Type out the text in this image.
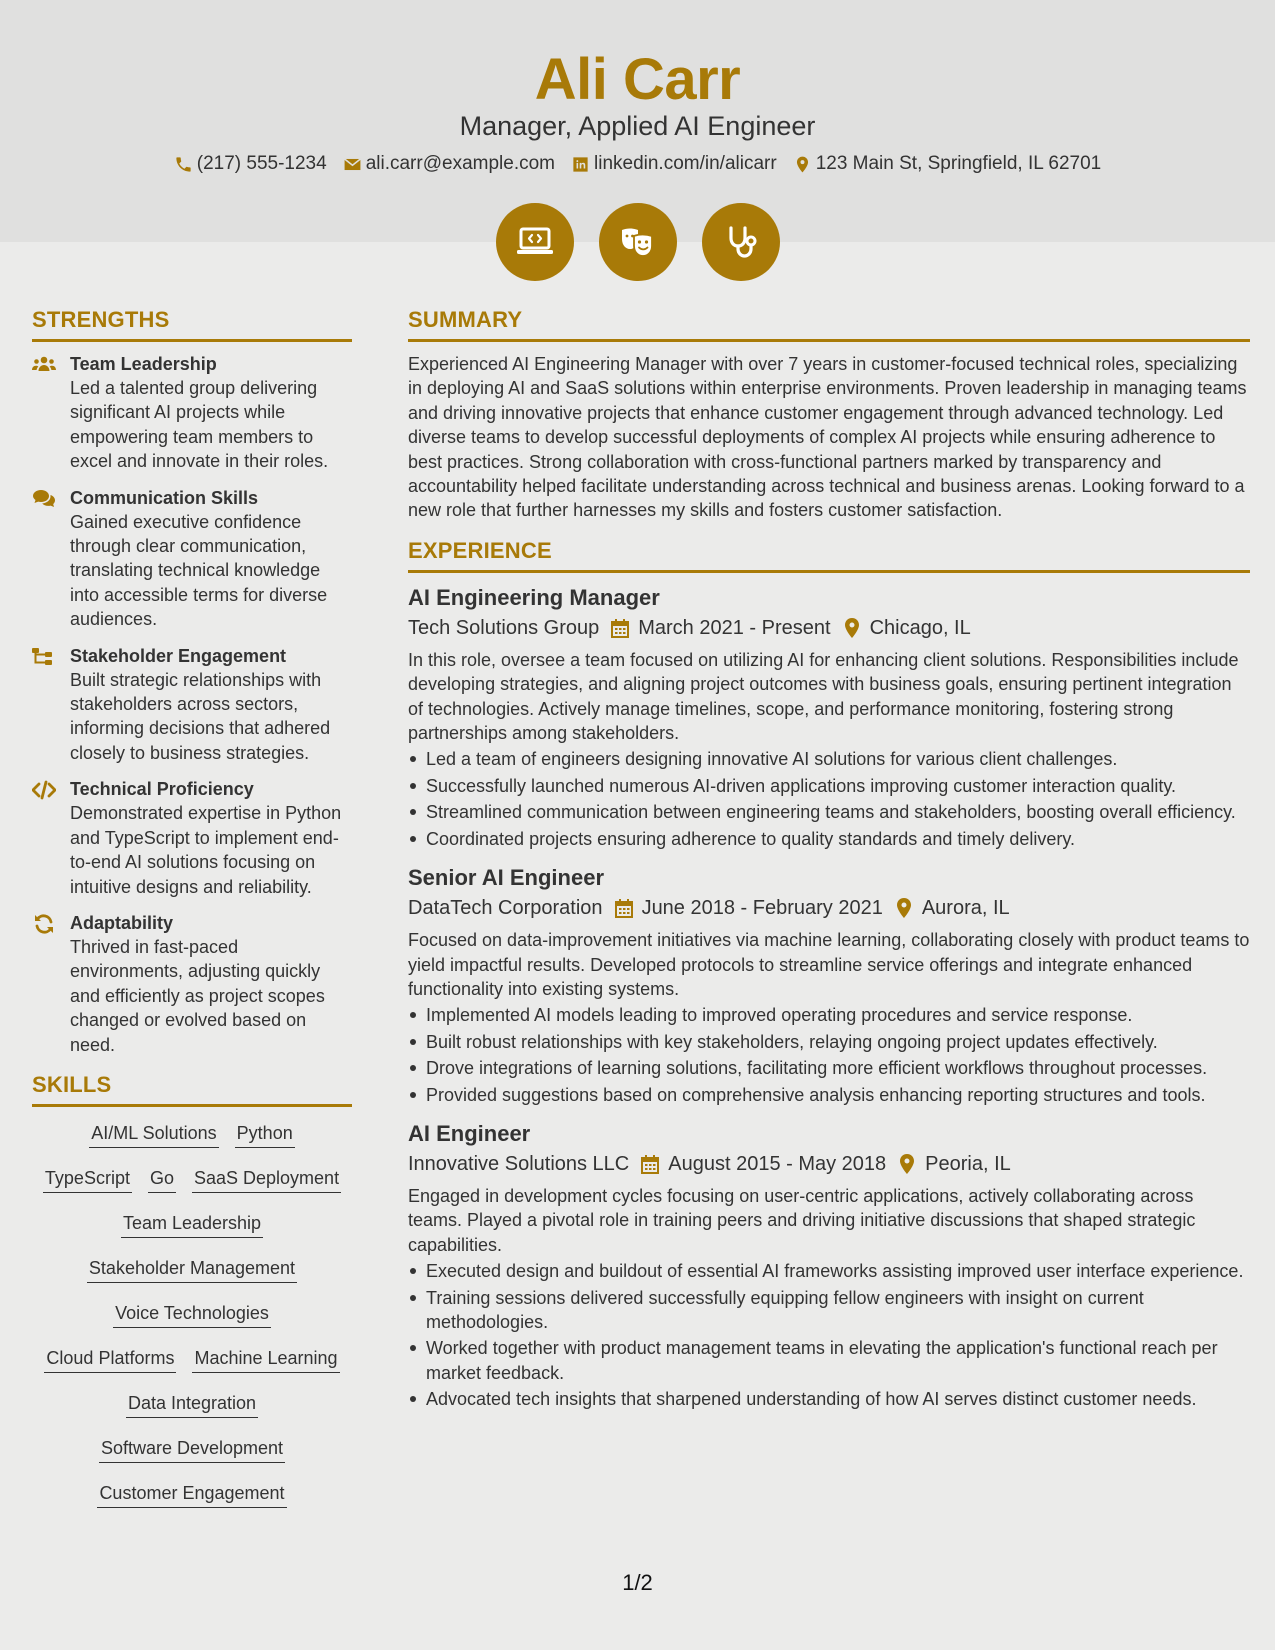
Ali Carr
Manager, Applied AI Engineer
(217) 555-1234 ali.carr@example.com linkedin.com/in/alicarr 123 Main St, Springfield, IL 62701
STRENGTHS
Team Leadership
Led a talented group delivering significant AI projects while empowering team members to excel and innovate in their roles.
Communication Skills
Gained executive confidence through clear communication, translating technical knowledge into accessible terms for diverse audiences.
Stakeholder Engagement
Built strategic relationships with stakeholders across sectors, informing decisions that adhered closely to business strategies.
Technical Proficiency
Demonstrated expertise in Python and TypeScript to implement end-to-end AI solutions focusing on intuitive designs and reliability.
Adaptability
Thrived in fast-paced environments, adjusting quickly and efficiently as project scopes changed or evolved based on need.
SKILLS
AI/ML Solutions Python
TypeScript Go SaaS Deployment
Team Leadership
Stakeholder Management
Voice Technologies
Cloud Platforms Machine Learning
Data Integration
Software Development
Customer Engagement
SUMMARY
Experienced AI Engineering Manager with over 7 years in customer-focused technical roles, specializing in deploying AI and SaaS solutions within enterprise environments. Proven leadership in managing teams and driving innovative projects that enhance customer engagement through advanced technology. Led diverse teams to develop successful deployments of complex AI projects while ensuring adherence to best practices. Strong collaboration with cross-functional partners marked by transparency and accountability helped facilitate understanding across technical and business arenas. Looking forward to a new role that further harnesses my skills and fosters customer satisfaction.
EXPERIENCE
AI Engineering Manager
Tech Solutions Group March 2021 - Present Chicago, IL
In this role, oversee a team focused on utilizing AI for enhancing client solutions. Responsibilities include developing strategies, and aligning project outcomes with business goals, ensuring pertinent integration of technologies. Actively manage timelines, scope, and performance monitoring, fostering strong partnerships among stakeholders.
Led a team of engineers designing innovative AI solutions for various client challenges.
Successfully launched numerous AI-driven applications improving customer interaction quality.
Streamlined communication between engineering teams and stakeholders, boosting overall efficiency.
Coordinated projects ensuring adherence to quality standards and timely delivery.
Senior AI Engineer
DataTech Corporation June 2018 - February 2021 Aurora, IL
Focused on data-improvement initiatives via machine learning, collaborating closely with product teams to yield impactful results. Developed protocols to streamline service offerings and integrate enhanced functionality into existing systems.
Implemented AI models leading to improved operating procedures and service response.
Built robust relationships with key stakeholders, relaying ongoing project updates effectively.
Drove integrations of learning solutions, facilitating more efficient workflows throughout processes.
Provided suggestions based on comprehensive analysis enhancing reporting structures and tools.
AI Engineer
Innovative Solutions LLC August 2015 - May 2018 Peoria, IL
Engaged in development cycles focusing on user-centric applications, actively collaborating across teams. Played a pivotal role in training peers and driving initiative discussions that shaped strategic capabilities.
Executed design and buildout of essential AI frameworks assisting improved user interface experience.
Training sessions delivered successfully equipping fellow engineers with insight on current methodologies.
Worked together with product management teams in elevating the application's functional reach per market feedback.
Advocated tech insights that sharpened understanding of how AI serves distinct customer needs.
1/2
